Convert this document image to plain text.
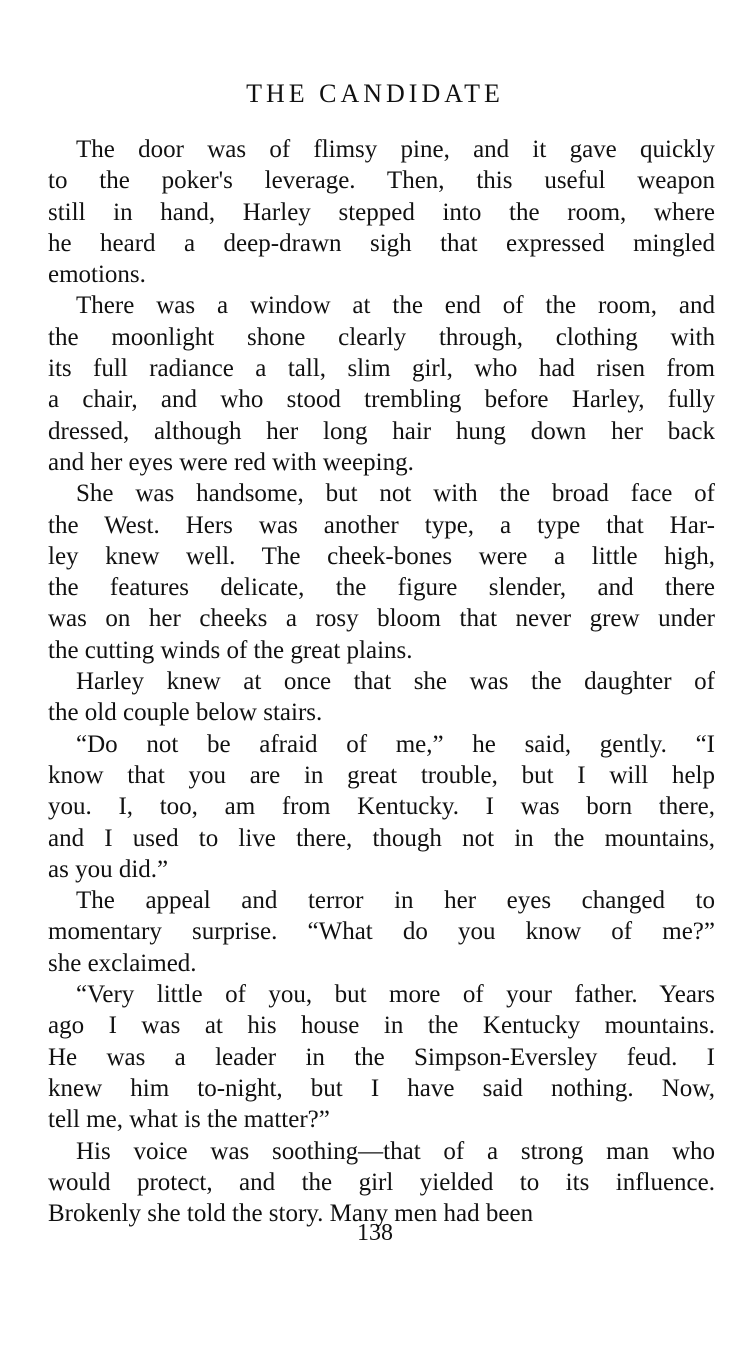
THE CANDIDATE
The door was of flimsy pine, and it gave quickly
to the poker's leverage. Then, this useful weapon
still in hand, Harley stepped into the room, where
he heard a deep-drawn sigh that expressed mingled
emotions.
There was a window at the end of the room, and
the moonlight shone clearly through, clothing with
its full radiance a tall, slim girl, who had risen from
a chair, and who stood trembling before Harley, fully
dressed, although her long hair hung down her back
and her eyes were red with weeping.
She was handsome, but not with the broad face of
the West. Hers was another type, a type that Har-
ley knew well. The cheek-bones were a little high,
the features delicate, the figure slender, and there
was on her cheeks a rosy bloom that never grew under
the cutting winds of the great plains.
Harley knew at once that she was the daughter of
the old couple below stairs.
“Do not be afraid of me,” he said, gently. “I
know that you are in great trouble, but I will help
you. I, too, am from Kentucky. I was born there,
and I used to live there, though not in the mountains,
as you did.”
The appeal and terror in her eyes changed to
momentary surprise. “What do you know of me?”
she exclaimed.
“Very little of you, but more of your father. Years
ago I was at his house in the Kentucky mountains.
He was a leader in the Simpson-Eversley feud. I
knew him to-night, but I have said nothing. Now,
tell me, what is the matter?”
His voice was soothing—that of a strong man who
would protect, and the girl yielded to its influence.
Brokenly she told the story. Many men had been
138
